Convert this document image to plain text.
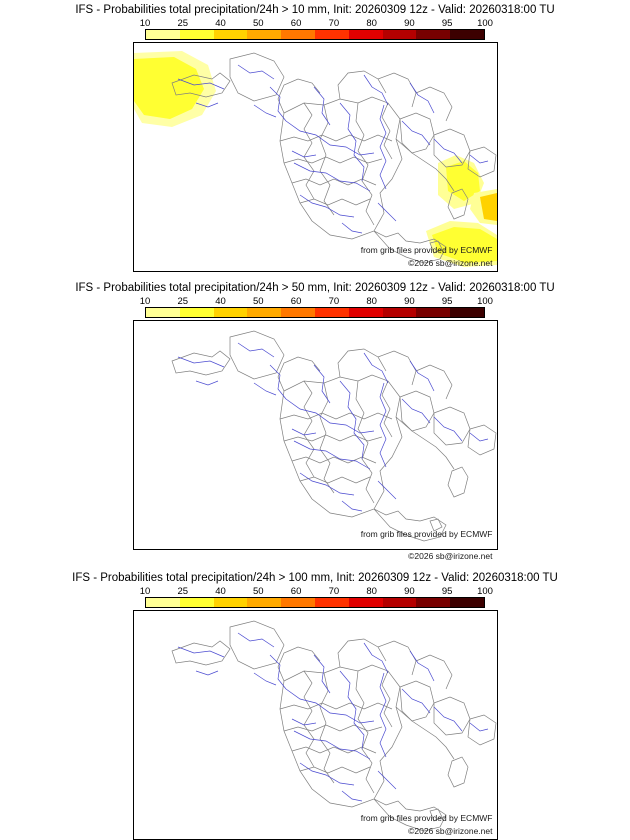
IFS - Probabilities total precipitation/24h > 10 mm, Init: 20260309 12z - Valid: 20260318:00 TU
10	25	40	50	60	70	80	90	95	100
from grib files provided by ECMWF
©2026 sb@irizone.net
IFS - Probabilities total precipitation/24h > 50 mm, Init: 20260309 12z - Valid: 20260318:00 TU
10	25	40	50	60	70	80	90	95	100
from grib files provided by ECMWF
©2026 sb@irizone.net
IFS - Probabilities total precipitation/24h > 100 mm, Init: 20260309 12z - Valid: 20260318:00 TU
10	25	40	50	60	70	80	90	95	100
from grib files provided by ECMWF
©2026 sb@irizone.net
